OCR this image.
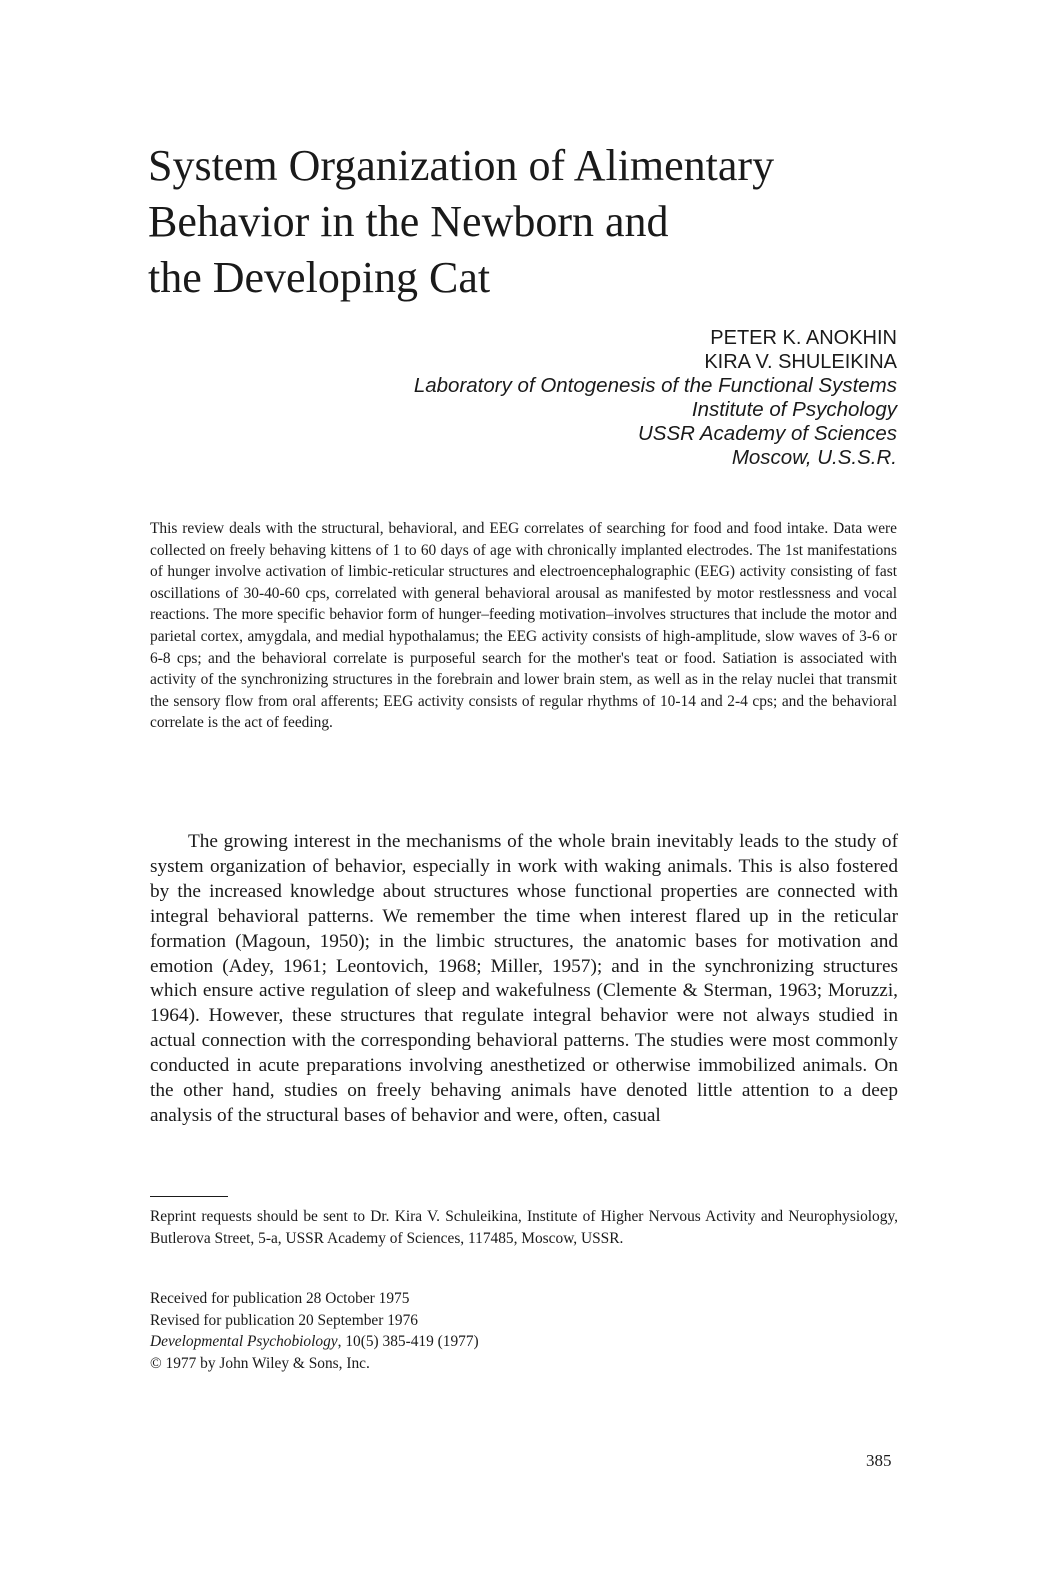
System Organization of Alimentary
Behavior in the Newborn and
the Developing Cat
PETER K. ANOKHIN
KIRA V. SHULEIKINA
Laboratory of Ontogenesis of the Functional Systems
Institute of Psychology
USSR Academy of Sciences
Moscow, U.S.S.R.

This review deals with the structural, behavioral, and EEG correlates of searching for food and food intake. Data were collected on freely behaving kittens of 1 to 60 days of age with chronically implanted electrodes. The 1st manifestations of hunger involve activation of limbic-reticular structures and electroencephalographic (EEG) activity consisting of fast oscillations of 30-40-60 cps, correlated with general behavioral arousal as manifested by motor restlessness and vocal reactions. The more specific behavior form of hunger–feeding motivation–involves structures that include the motor and parietal cortex, amygdala, and medial hypothalamus; the EEG activity consists of high-amplitude, slow waves of 3-6 or 6-8 cps; and the behavioral correlate is purposeful search for the mother's teat or food. Satiation is associated with activity of the synchronizing structures in the forebrain and lower brain stem, as well as in the relay nuclei that transmit the sensory flow from oral afferents; EEG activity consists of regular rhythms of 10-14 and 2-4 cps; and the behavioral correlate is the act of feeding.

The growing interest in the mechanisms of the whole brain inevitably leads to the study of system organization of behavior, especially in work with waking animals. This is also fostered by the increased knowledge about structures whose functional properties are connected with integral behavioral patterns. We remember the time when interest flared up in the reticular formation (Magoun, 1950); in the limbic structures, the anatomic bases for motivation and emotion (Adey, 1961; Leontovich, 1968; Miller, 1957); and in the synchronizing structures which ensure active regulation of sleep and wakefulness (Clemente & Sterman, 1963; Moruzzi, 1964). However, these structures that regulate integral behavior were not always studied in actual connection with the corresponding behavioral patterns. The studies were most commonly conducted in acute preparations involving anesthetized or otherwise immobilized animals. On the other hand, studies on freely behaving animals have denoted little attention to a deep analysis of the structural bases of behavior and were, often, casual

Reprint requests should be sent to Dr. Kira V. Schuleikina, Institute of Higher Nervous Activity and Neurophysiology, Butlerova Street, 5-a, USSR Academy of Sciences, 117485, Moscow, USSR.

Received for publication 28 October 1975
Revised for publication 20 September 1976
Developmental Psychobiology, 10(5) 385-419 (1977)
© 1977 by John Wiley & Sons, Inc.
385
